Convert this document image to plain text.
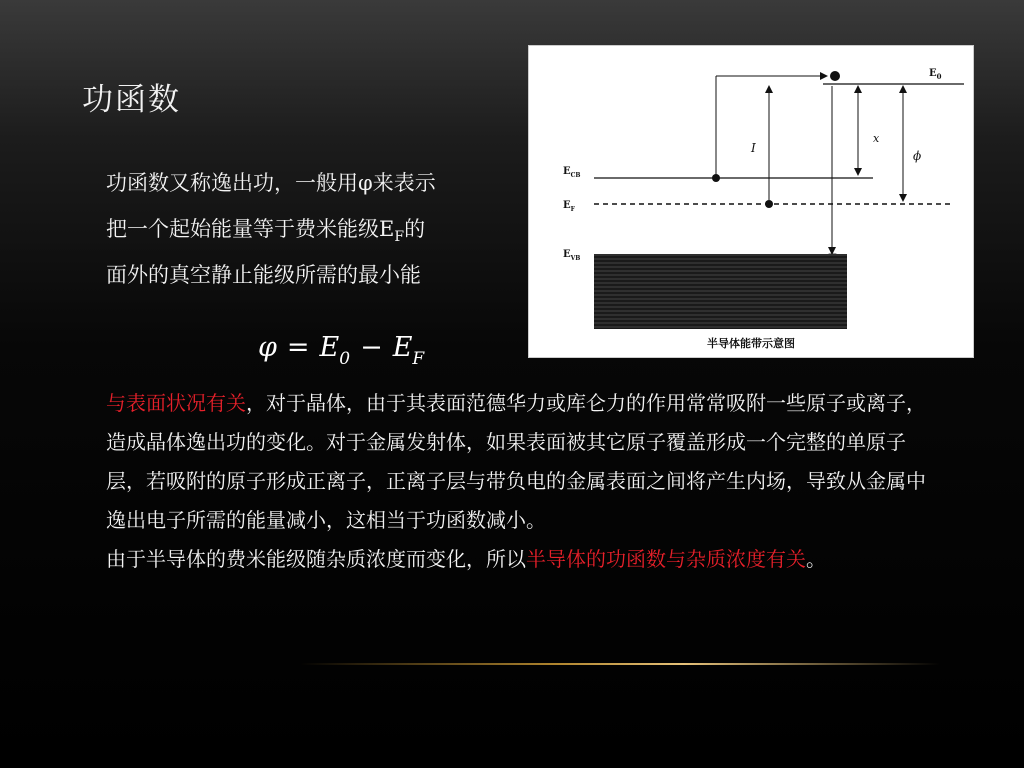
功函数
功函数又称逸出功，一般用φ来表示
把一个起始能量等于费米能级$E_F$的
面外的真空静止能级所需的最小能
$\varphi = E_0 - E_F$
与表面状况有关，对于晶体，由于其表面范德华力或库仑力的作用常常吸附一些原子或离子，造成晶体逸出功的变化。对于金属发射体，如果表面被其它原子覆盖形成一个完整的单原子层，若吸附的原子形成正离子，正离子层与带负电的金属表面之间将产生内场，导致从金属中逸出电子所需的能量减小，这相当于功函数减小。
由于半导体的费米能级随杂质浓度而变化，所以半导体的功函数与杂质浓度有关。
$E_0$
$E_{CB}$
$E_F$
I
x
ϕ
$E_{VB}$
半导体能带示意图
